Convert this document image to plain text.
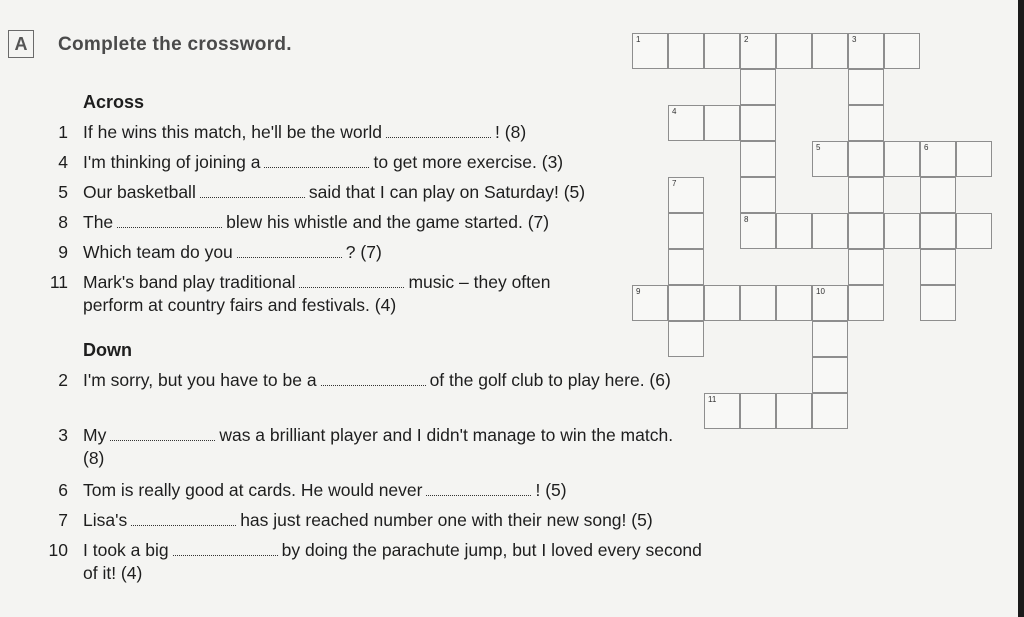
A	Complete the crossword.
Across
1 If he wins this match, he'll be the world	! (8)
4 I'm thinking of joining a	to get more exercise. (3)
5 Our basketball	said that I can play on Saturday! (5)
8 The	blew his whistle and the game started. (7)
9 Which team do you	? (7)
11 Mark's band play traditional	music – they often perform at country fairs and festivals. (4)
Down
2 I'm sorry, but you have to be a	of the golf club to play here. (6)
3 My	was a brilliant player and I didn't manage to win the match. (8)
6 Tom is really good at cards. He would never	! (5)
7 Lisa's	has just reached number one with their new song! (5)
10 I took a big	by doing the parachute jump, but I loved every second of it! (4)
1	2	3
8
4
5	6
7
9	10
11
